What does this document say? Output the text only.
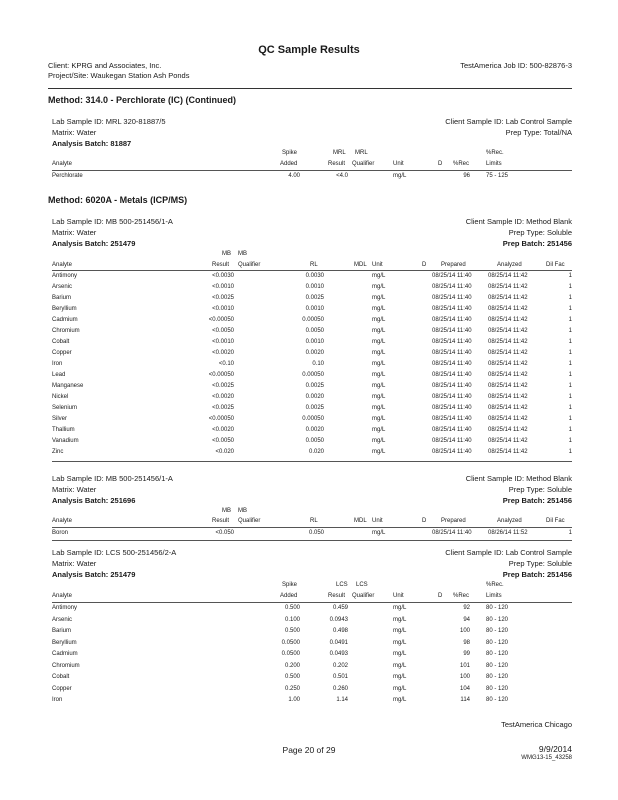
QC Sample Results
Client: KPRG and Associates, Inc.
Project/Site: Waukegan Station Ash Ponds
TestAmerica Job ID: 500-82876-3
Method: 314.0 - Perchlorate (IC) (Continued)
Lab Sample ID: MRL 320-81887/5	Client Sample ID: Lab Control Sample
Matrix: Water	Prep Type: Total/NA
Analysis Batch: 81887
Spike	MRL MRL	%Rec.
Analyte	Added	Result Qualifier	Unit	D %Rec	Limits
Perchlorate	4.00	<4.0	mg/L	96	75 - 125
Method: 6020A - Metals (ICP/MS)
Lab Sample ID: MB 500-251456/1-A	Client Sample ID: Method Blank
Matrix: Water	Prep Type: Soluble
Analysis Batch: 251479	Prep Batch: 251456
MB MB
Analyte	Result Qualifier	RL	MDL Unit	D Prepared	Analyzed	Dil Fac
Antimony	<0.0030	0.0030	mg/L	08/25/14 11:40	08/25/14 11:42	1
Arsenic	<0.0010	0.0010	mg/L	08/25/14 11:40	08/25/14 11:42	1
Barium	<0.0025	0.0025	mg/L	08/25/14 11:40	08/25/14 11:42	1
Beryllium	<0.0010	0.0010	mg/L	08/25/14 11:40	08/25/14 11:42	1
Cadmium	<0.00050	0.00050	mg/L	08/25/14 11:40	08/25/14 11:42	1
Chromium	<0.0050	0.0050	mg/L	08/25/14 11:40	08/25/14 11:42	1
Cobalt	<0.0010	0.0010	mg/L	08/25/14 11:40	08/25/14 11:42	1
Copper	<0.0020	0.0020	mg/L	08/25/14 11:40	08/25/14 11:42	1
Iron	<0.10	0.10	mg/L	08/25/14 11:40	08/25/14 11:42	1
Lead	<0.00050	0.00050	mg/L	08/25/14 11:40	08/25/14 11:42	1
Manganese	<0.0025	0.0025	mg/L	08/25/14 11:40	08/25/14 11:42	1
Nickel	<0.0020	0.0020	mg/L	08/25/14 11:40	08/25/14 11:42	1
Selenium	<0.0025	0.0025	mg/L	08/25/14 11:40	08/25/14 11:42	1
Silver	<0.00050	0.00050	mg/L	08/25/14 11:40	08/25/14 11:42	1
Thallium	<0.0020	0.0020	mg/L	08/25/14 11:40	08/25/14 11:42	1
Vanadium	<0.0050	0.0050	mg/L	08/25/14 11:40	08/25/14 11:42	1
Zinc	<0.020	0.020	mg/L	08/25/14 11:40	08/25/14 11:42	1
Lab Sample ID: MB 500-251456/1-A	Client Sample ID: Method Blank
Matrix: Water	Prep Type: Soluble
Analysis Batch: 251696	Prep Batch: 251456
MB MB
Analyte	Result Qualifier	RL	MDL Unit	D Prepared	Analyzed	Dil Fac
Boron	<0.050	0.050	mg/L	08/25/14 11:40	08/26/14 11:52	1
Lab Sample ID: LCS 500-251456/2-A	Client Sample ID: Lab Control Sample
Matrix: Water	Prep Type: Soluble
Analysis Batch: 251479	Prep Batch: 251456
Spike	LCS LCS	%Rec.
Analyte	Added	Result Qualifier	Unit	D %Rec	Limits
Antimony	0.500	0.459	mg/L	92	80 - 120
Arsenic	0.100	0.0943	mg/L	94	80 - 120
Barium	0.500	0.498	mg/L	100	80 - 120
Beryllium	0.0500	0.0491	mg/L	98	80 - 120
Cadmium	0.0500	0.0493	mg/L	99	80 - 120
Chromium	0.200	0.202	mg/L	101	80 - 120
Cobalt	0.500	0.501	mg/L	100	80 - 120
Copper	0.250	0.260	mg/L	104	80 - 120
Iron	1.00	1.14	mg/L	114	80 - 120
TestAmerica Chicago
Page 20 of 29	9/9/2014
WMG13-15_43258
